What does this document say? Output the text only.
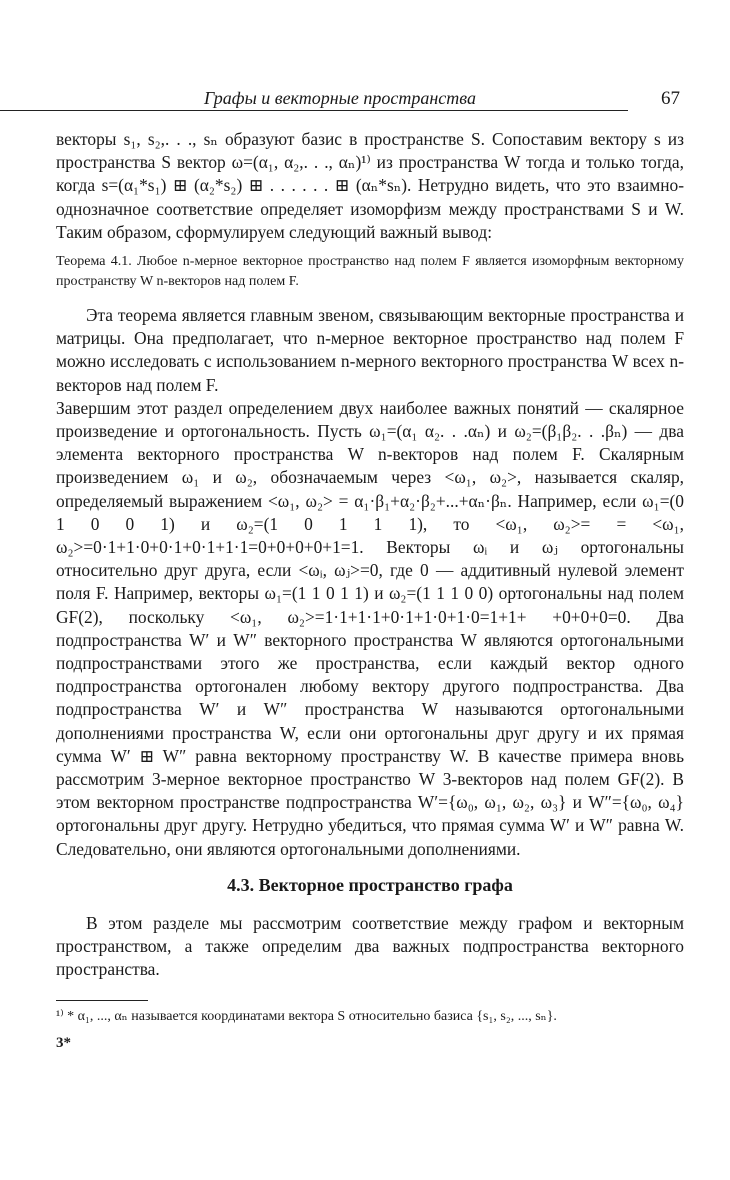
Графы и векторные пространства	67

векторы s₁, s₂,. . ., sₙ образуют базис в пространстве S. Сопоставим вектору s из пространства S вектор ω=(α₁, α₂,. . ., αₙ)¹⁾ из пространства W тогда и только тогда, когда s=(α₁*s₁) ⊞ (α₂*s₂) ⊞ . . . . . . ⊞ (αₙ*sₙ). Нетрудно видеть, что это взаимно-однозначное соответствие определяет изоморфизм между пространствами S и W. Таким образом, сформулируем следующий важный вывод:

Теорема 4.1. Любое n-мерное векторное пространство над полем F является изоморфным векторному пространству W n-векторов над полем F.

Эта теорема является главным звеном, связывающим векторные пространства и матрицы. Она предполагает, что n-мерное векторное пространство над полем F можно исследовать с использованием n-мерного векторного пространства W всех n-векторов над полем F.

Завершим этот раздел определением двух наиболее важных понятий — скалярное произведение и ортогональность. Пусть ω₁=(α₁ α₂. . .αₙ) и ω₂=(β₁β₂. . .βₙ) — два элемента векторного пространства W n-векторов над полем F. Скалярным произведением ω₁ и ω₂, обозначаемым через <ω₁, ω₂>, называется скаляр, определяемый выражением <ω₁, ω₂> = α₁·β₁+α₂·β₂+...+αₙ·βₙ. Например, если ω₁=(0 1 0 0 1) и ω₂=(1 0 1 1 1), то <ω₁, ω₂>= = <ω₁, ω₂>=0·1+1·0+0·1+0·1+1·1=0+0+0+0+1=1. Векторы ωᵢ и ωⱼ ортогональны относительно друг друга, если <ωᵢ, ωⱼ>=0, где 0 — аддитивный нулевой элемент поля F. Например, векторы ω₁=(1 1 0 1 1) и ω₂=(1 1 1 0 0) ортогональны над полем GF(2), поскольку <ω₁, ω₂>=1·1+1·1+0·1+1·0+1·0=1+1+ +0+0+0=0. Два подпространства W′ и W″ векторного пространства W являются ортогональными подпространствами этого же пространства, если каждый вектор одного подпространства ортогонален любому вектору другого подпространства. Два подпространства W′ и W″ пространства W называются ортогональными дополнениями пространства W, если они ортогональны друг другу и их прямая сумма W′ ⊞ W″ равна векторному пространству W. В качестве примера вновь рассмотрим 3-мерное векторное пространство W 3-векторов над полем GF(2). В этом векторном пространстве подпространства W′={ω₀, ω₁, ω₂, ω₃} и W″={ω₀, ω₄} ортогональны друг другу. Нетрудно убедиться, что прямая сумма W′ и W″ равна W. Следовательно, они являются ортогональными дополнениями.

4.3. Векторное пространство графа

В этом разделе мы рассмотрим соответствие между графом и векторным пространством, а также определим два важных подпространства векторного пространства.

¹⁾ * α₁, ..., αₙ называется координатами вектора S относительно базиса {s₁, s₂, ..., sₙ}.
3*
